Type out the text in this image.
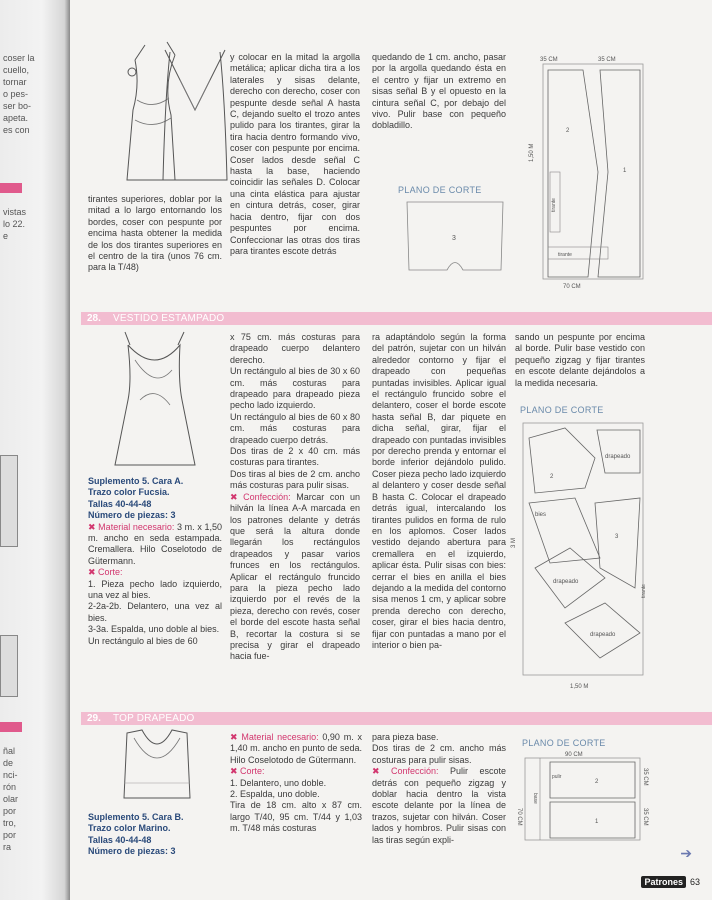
coser la
cuello,
tornar
o pes-
ser bo-
apeta.
es con
vistas
lo 22.
e
ñal
de
nci-
rón
olar
por
tro,
por
ra

tirantes superiores, doblar por la mitad a lo largo entornando los bordes, coser con pespunte por encima hasta obtener la medida de los dos tirantes superiores en el centro de la tira (unos 76 cm. para la T/48)

y colocar en la mitad la argolla metálica; aplicar dicha tira a los laterales y sisas delante, derecho con derecho, coser con pespunte desde señal A hasta C, dejando suelto el trozo antes pulido para los tirantes, girar la tira hacia dentro formando vivo, coser con pespunte por encima. Coser lados desde señal C hasta la base, haciendo coincidir las señales D. Colocar una cinta elástica para ajustar en cintura detrás, coser, girar hacia dentro, fijar con dos pespuntes por encima. Confeccionar las otras dos tiras para tirantes escote detrás

quedando de 1 cm. ancho, pasar por la argolla quedando ésta en el centro y fijar un extremo en sisas señal B y el opuesto en la cintura señal C, por debajo del vivo. Pulir base con pequeño dobladillo.

PLANO DE CORTE
3
35 CM	35 CM
70 CM
1,50 M
tirante
tirante
2
1
28. VESTIDO ESTAMPADO
Suplemento 5. Cara A.
Trazo color Fucsia.
Tallas 40-44-48
Número de piezas: 3

✖ Material necesario: 3 m. x 1,50 m. ancho en seda estampada. Cremallera. Hilo Coselotodo de Gütermann.

✖ Corte:

1. Pieza pecho lado izquierdo, una vez al bies.

2-2a-2b. Delantero, una vez al bies.

3-3a. Espalda, uno doble al bies.

Un rectángulo al bies de 60

x 75 cm. más costuras para drapeado cuerpo delantero derecho.

Un rectángulo al bies de 30 x 60 cm. más costuras para drapeado para drapeado pieza pecho lado izquierdo.

Un rectángulo al bies de 60 x 80 cm. más costuras para drapeado cuerpo detrás.

Dos tiras de 2 x 40 cm. más costuras para tirantes.

Dos tiras al bies de 2 cm. ancho más costuras para pulir sisas.

✖ Confección: Marcar con un hilván la línea A-A marcada en los patrones delante y detrás que será la altura donde llegarán los rectángulos drapeados y pasar varios frunces en los rectángulos. Aplicar el rectángulo fruncido para la pieza pecho lado izquierdo por el revés de la pieza, derecho con revés, coser el borde del escote hasta señal B, recortar la costura si se precisa y girar el drapeado hacia fue-

ra adaptándolo según la forma del patrón, sujetar con un hilván alrededor contorno y fijar el drapeado con pequeñas puntadas invisibles. Aplicar igual el rectángulo fruncido sobre el delantero, coser el borde escote hasta señal B, dar piquete en dicha señal, girar, fijar el drapeado con puntadas invisibles por derecho prenda y entornar el borde inferior dejándolo pulido. Coser pieza pecho lado izquierdo al delantero y coser desde señal B hasta C. Colocar el drapeado detrás igual, intercalando los tirantes pulidos en forma de rulo en los aplomos. Coser lados vestido dejando abertura para cremallera en el izquierdo, aplicar ésta. Pulir sisas con bies: cerrar el bies en anilla el bies dejando a la medida del contorno sisa menos 1 cm, y aplicar sobre prenda derecho con derecho, coser, girar el bies hacia dentro, fijar con puntadas a mano por el interior o bien pa-

sando un pespunte por encima al borde. Pulir base vestido con pequeño zigzag y fijar tirantes en escote delante dejándolos a la medida necesaria.

PLANO DE CORTE
drapeado
2
bies
3
3 M
drapeado
drapeado
tirante
1,50 M
29. TOP DRAPEADO
Suplemento 5. Cara B.
Trazo color Marino.
Tallas 40-44-48
Número de piezas: 3

✖ Material necesario: 0,90 m. x 1,40 m. ancho en punto de seda. Hilo Coselotodo de Gütermann.

✖ Corte:

1. Delantero, uno doble.

2. Espalda, uno doble.

Tira de 18 cm. alto x 87 cm. largo T/40, 95 cm. T/44 y 1,03 m. T/48 más costuras

para pieza base.

Dos tiras de 2 cm. ancho más costuras para pulir sisas.

✖ Confección: Pulir escote detrás con pequeño zigzag y doblar hacia dentro la vista escote delante por la línea de trazos, sujetar con hilván. Coser lados y hombros. Pulir sisas con las tiras según expli-

PLANO DE CORTE
90 CM
70 CM
35 CM
35 CM
base
2
1
pulir
➔
Patrones 63
